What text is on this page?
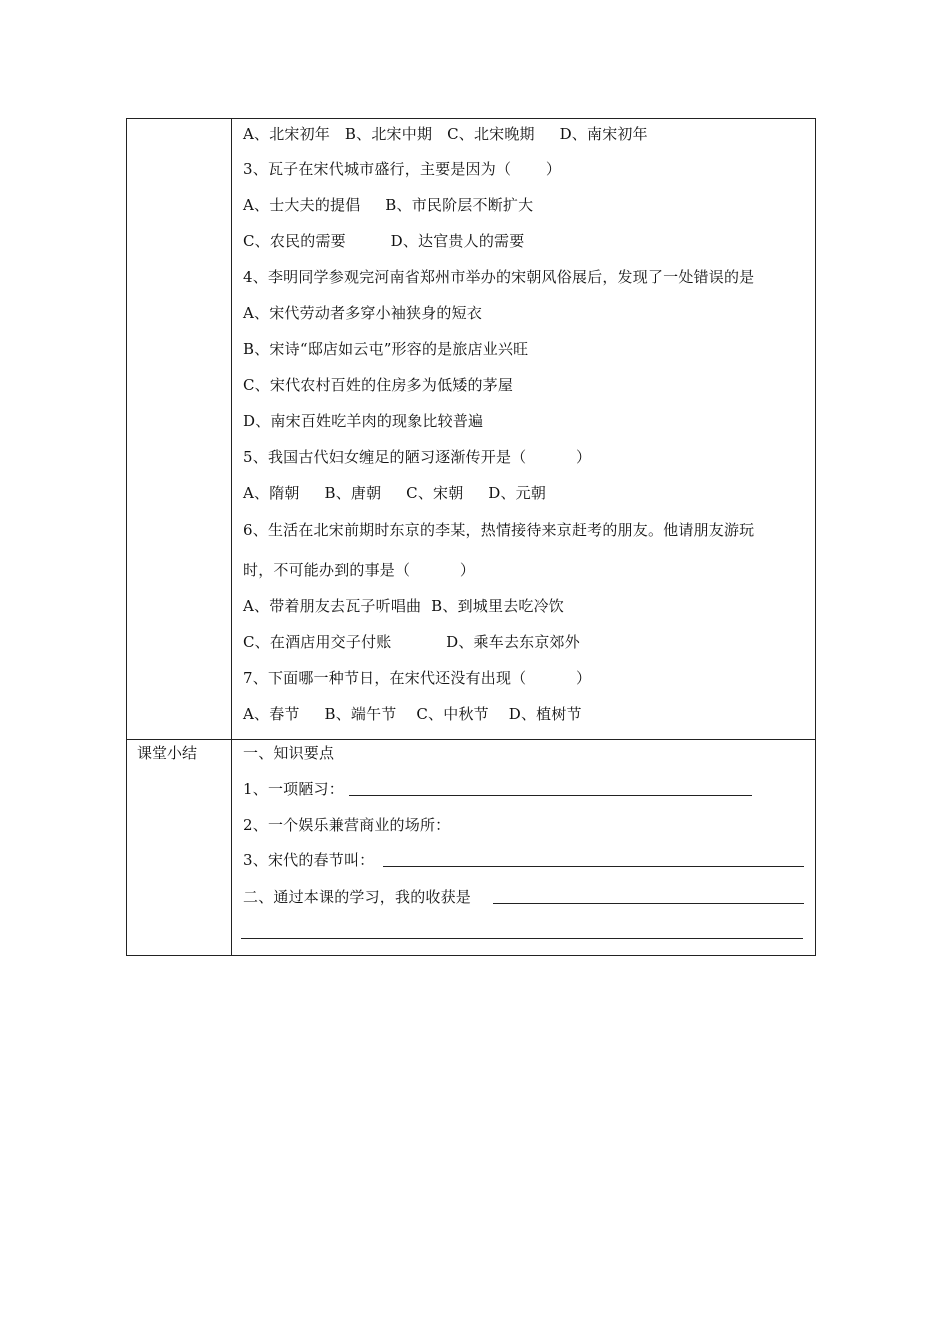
A、北宋初年   B、北宋中期   C、北宋晚期     D、南宋初年
3、瓦子在宋代城市盛行，主要是因为（       ）
A、士大夫的提倡     B、市民阶层不断扩大
C、农民的需要         D、达官贵人的需要
4、李明同学参观完河南省郑州市举办的宋朝风俗展后，发现了一处错误的是
A、宋代劳动者多穿小袖狭身的短衣
B、宋诗“邸店如云屯”形容的是旅店业兴旺
C、宋代农村百姓的住房多为低矮的茅屋
D、南宋百姓吃羊肉的现象比较普遍
5、我国古代妇女缠足的陋习逐渐传开是（          ）
A、隋朝     B、唐朝     C、宋朝     D、元朝
6、生活在北宋前期时东京的李某，热情接待来京赶考的朋友。他请朋友游玩
时，不可能办到的事是（          ）
A、带着朋友去瓦子听唱曲  B、到城里去吃冷饮
C、在酒店用交子付账           D、乘车去东京郊外
7、下面哪一种节日，在宋代还没有出现（          ）
A、春节     B、端午节    C、中秋节    D、植树节
课堂小结	一、知识要点
1、一项陋习：
2、一个娱乐兼营商业的场所：
3、宋代的春节叫：
二、通过本课的学习，我的收获是
